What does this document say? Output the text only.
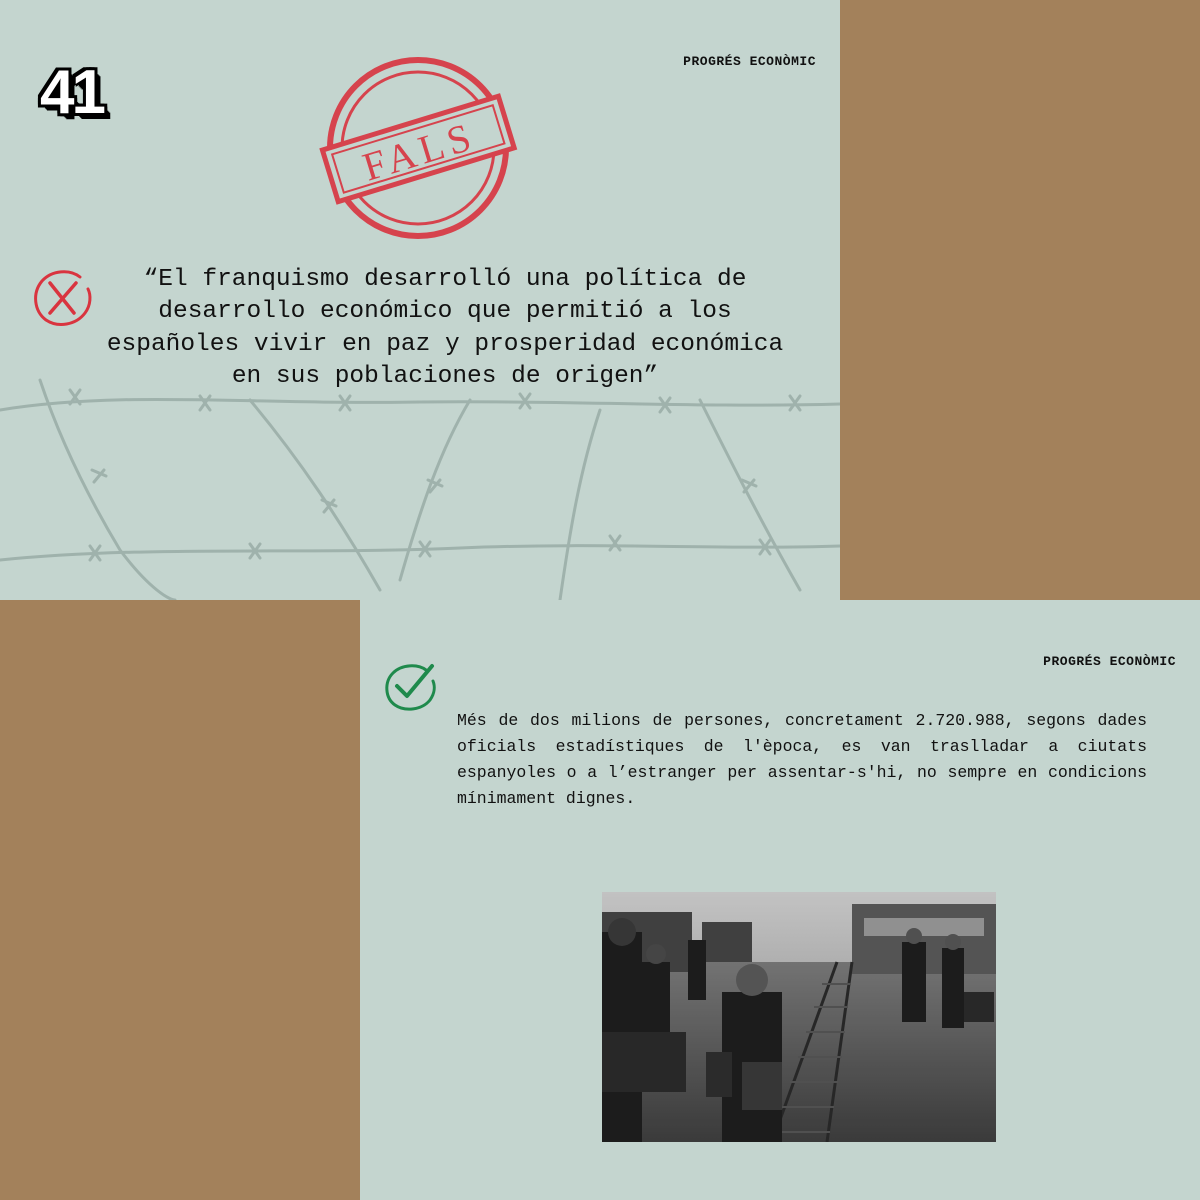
41	PROGRÉS ECONÒMIC
FALS
“El franquismo desarrolló una política de desarrollo económico que permitió a los españoles vivir en paz y prosperidad económica en sus poblaciones de origen”
PROGRÉS ECONÒMIC
Més de dos milions de persones, concretament 2.720.988, segons dades oficials estadístiques de l'època, es van traslladar a ciutats espanyoles o a l’estranger per assentar-s'hi, no sempre en condicions mínimament dignes.
